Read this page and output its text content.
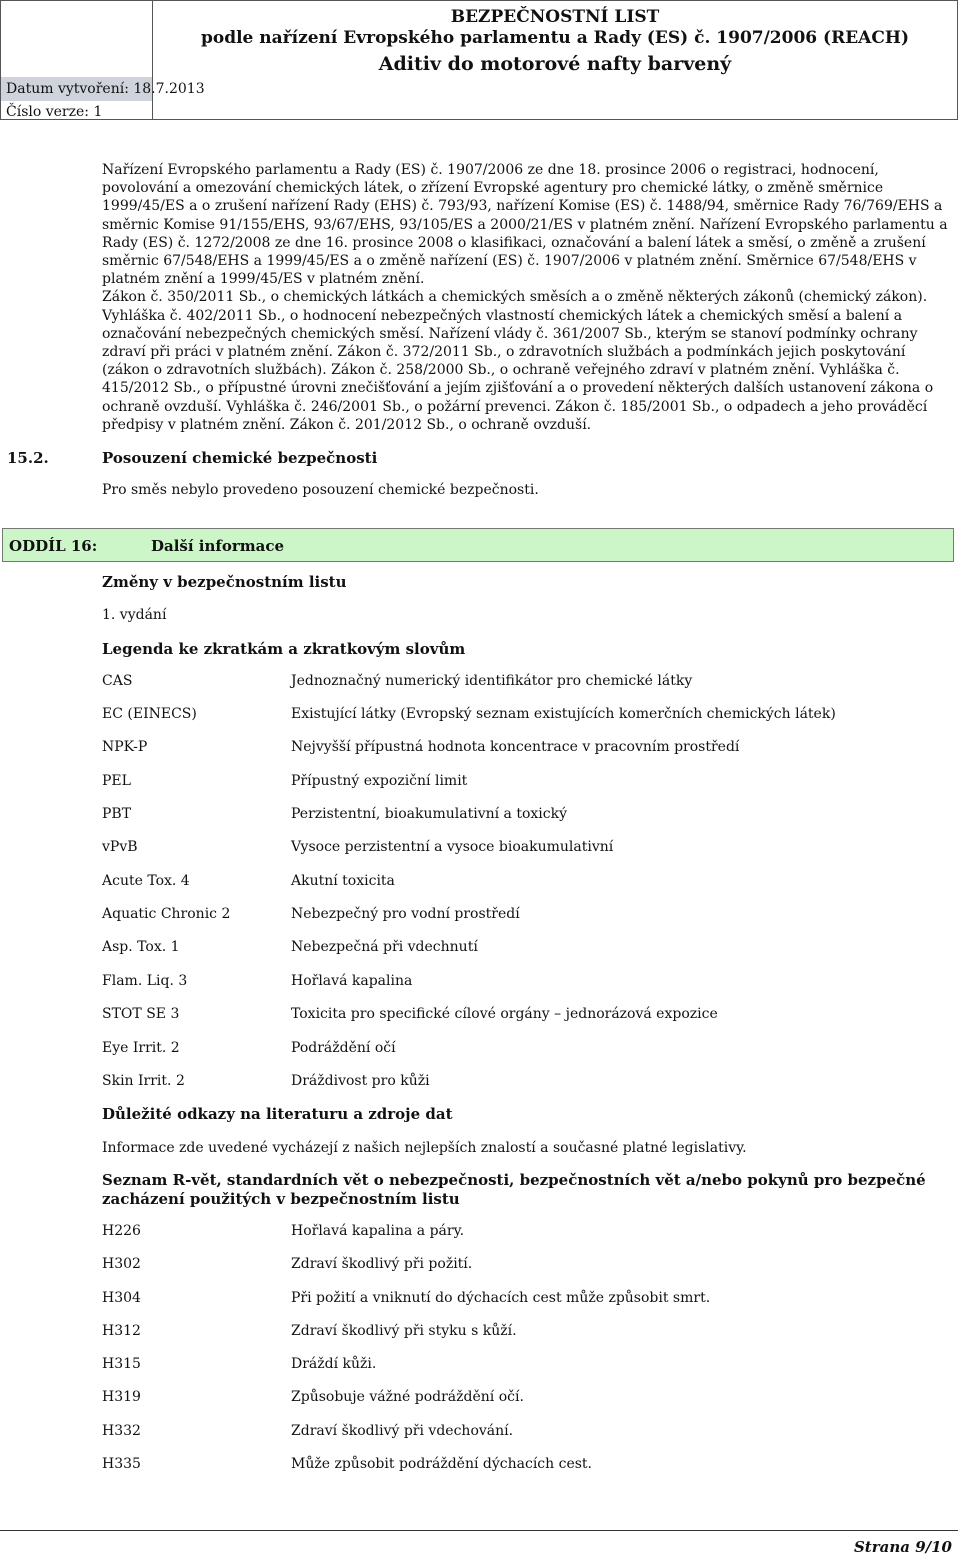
Datum vytvoření: 18.7.2013
Číslo verze: 1
BEZPEČNOSTNÍ LIST
podle nařízení Evropského parlamentu a Rady (ES) č. 1907/2006 (REACH)
Aditiv do motorové nafty barvený

Nařízení Evropského parlamentu a Rady (ES) č. 1907/2006 ze dne 18. prosince 2006 o registraci, hodnocení, povolování a omezování chemických látek, o zřízení Evropské agentury pro chemické látky, o změně směrnice 1999/45/ES a o zrušení nařízení Rady (EHS) č. 793/93, nařízení Komise (ES) č. 1488/94, směrnice Rady 76/769/EHS a směrnic Komise 91/155/EHS, 93/67/EHS, 93/105/ES a 2000/21/ES v platném znění. Nařízení Evropského parlamentu a Rady (ES) č. 1272/2008 ze dne 16. prosince 2008 o klasifikaci, označování a balení látek a směsí, o změně a zrušení směrnic 67/548/EHS a 1999/45/ES a o změně nařízení (ES) č. 1907/2006 v platném znění. Směrnice 67/548/EHS v platném znění a 1999/45/ES v platném znění.

Zákon č. 350/2011 Sb., o chemických látkách a chemických směsích a o změně některých zákonů (chemický zákon). Vyhláška č. 402/2011 Sb., o hodnocení nebezpečných vlastností chemických látek a chemických směsí a balení a označování nebezpečných chemických směsí. Nařízení vlády č. 361/2007 Sb., kterým se stanoví podmínky ochrany zdraví při práci v platném znění. Zákon č. 372/2011 Sb., o zdravotních službách a podmínkách jejich poskytování (zákon o zdravotních službách). Zákon č. 258/2000 Sb., o ochraně veřejného zdraví v platném znění. Vyhláška č. 415/2012 Sb., o přípustné úrovni znečišťování a jejím zjišťování a o provedení některých dalších ustanovení zákona o ochraně ovzduší. Vyhláška č. 246/2001 Sb., o požární prevenci. Zákon č. 185/2001 Sb., o odpadech a jeho prováděcí předpisy v platném znění. Zákon č. 201/2012 Sb., o ochraně ovzduší.

15.2.	Posouzení chemické bezpečnosti
Pro směs nebylo provedeno posouzení chemické bezpečnosti.
ODDÍL 16:	Další informace
Změny v bezpečnostním listu
1. vydání
Legenda ke zkratkám a zkratkovým slovům
CAS	Jednoznačný numerický identifikátor pro chemické látky
EC (EINECS)	Existující látky (Evropský seznam existujících komerčních chemických látek)
NPK-P	Nejvyšší přípustná hodnota koncentrace v pracovním prostředí
PEL	Přípustný expoziční limit
PBT	Perzistentní, bioakumulativní a toxický
vPvB	Vysoce perzistentní a vysoce bioakumulativní
Acute Tox. 4	Akutní toxicita
Aquatic Chronic 2	Nebezpečný pro vodní prostředí
Asp. Tox. 1	Nebezpečná při vdechnutí
Flam. Liq. 3	Hořlavá kapalina
STOT SE 3	Toxicita pro specifické cílové orgány – jednorázová expozice
Eye Irrit. 2	Podráždění očí
Skin Irrit. 2	Dráždivost pro kůži
Důležité odkazy na literaturu a zdroje dat
Informace zde uvedené vycházejí z našich nejlepších znalostí a současné platné legislativy.
Seznam R-vět, standardních vět o nebezpečnosti, bezpečnostních vět a/nebo pokynů pro bezpečné zacházení použitých v bezpečnostním listu
H226	Hořlavá kapalina a páry.
H302	Zdraví škodlivý při požití.
H304	Při požití a vniknutí do dýchacích cest může způsobit smrt.
H312	Zdraví škodlivý při styku s kůží.
H315	Dráždí kůži.
H319	Způsobuje vážné podráždění očí.
H332	Zdraví škodlivý při vdechování.
H335	Může způsobit podráždění dýchacích cest.
Strana 9/10
